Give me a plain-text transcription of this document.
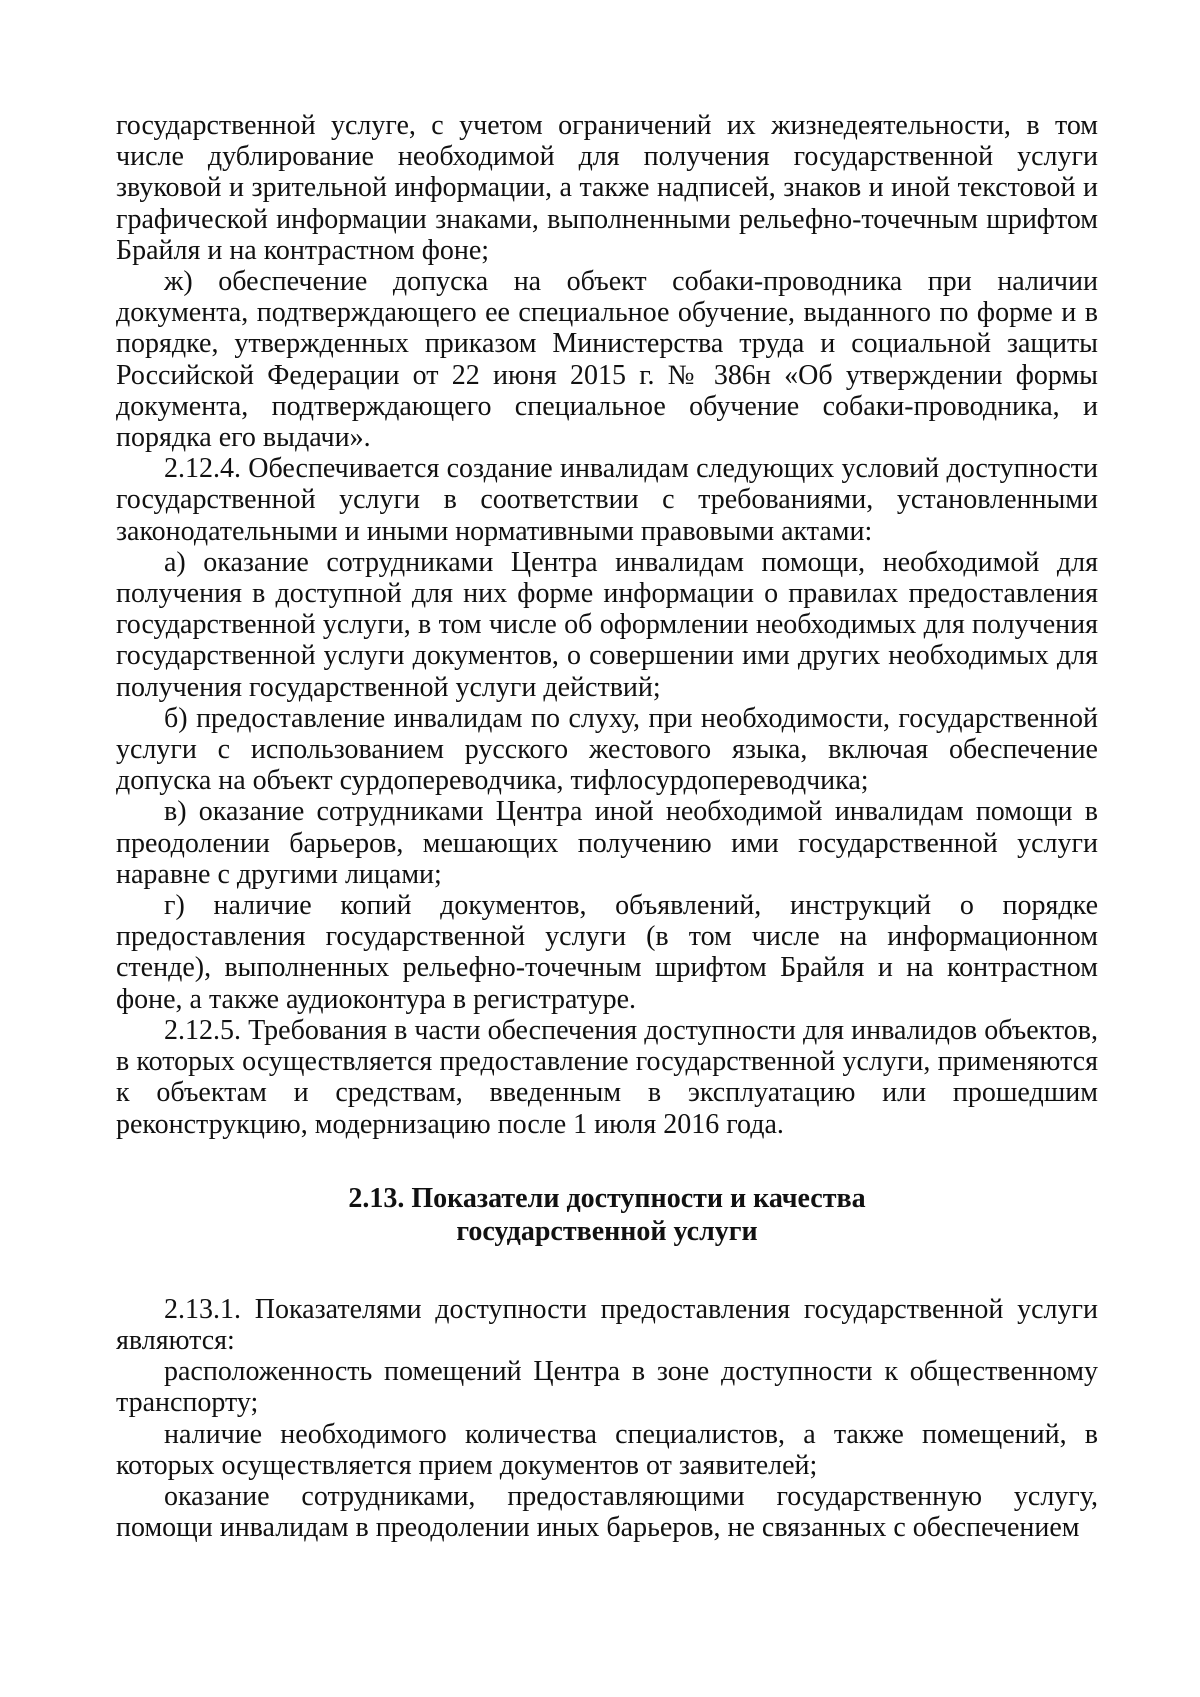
государственной услуге, с учетом ограничений их жизнедеятельности, в том числе дублирование необходимой для получения государственной услуги звуковой и зрительной информации, а также надписей, знаков и иной текстовой и графической информации знаками, выполненными рельефно-точечным шрифтом Брайля и на контрастном фоне;

ж) обеспечение допуска на объект собаки-проводника при наличии документа, подтверждающего ее специальное обучение, выданного по форме и в порядке, утвержденных приказом Министерства труда и социальной защиты Российской Федерации от 22 июня 2015 г. № 386н «Об утверждении формы документа, подтверждающего специальное обучение собаки-проводника, и порядка его выдачи».

2.12.4. Обеспечивается создание инвалидам следующих условий доступности государственной услуги в соответствии с требованиями, установленными законодательными и иными нормативными правовыми актами:

а) оказание сотрудниками Центра инвалидам помощи, необходимой для получения в доступной для них форме информации о правилах предоставления государственной услуги, в том числе об оформлении необходимых для получения государственной услуги документов, о совершении ими других необходимых для получения государственной услуги действий;

б) предоставление инвалидам по слуху, при необходимости, государственной услуги с использованием русского жестового языка, включая обеспечение допуска на объект сурдопереводчика, тифлосурдопереводчика;

в) оказание сотрудниками Центра иной необходимой инвалидам помощи в преодолении барьеров, мешающих получению ими государственной услуги наравне с другими лицами;

г) наличие копий документов, объявлений, инструкций о порядке предоставления государственной услуги (в том числе на информационном стенде), выполненных рельефно-точечным шрифтом Брайля и на контрастном фоне, а также аудиоконтура в регистратуре.

2.12.5. Требования в части обеспечения доступности для инвалидов объектов, в которых осуществляется предоставление государственной услуги, применяются к объектам и средствам, введенным в эксплуатацию или прошедшим реконструкцию, модернизацию после 1 июля 2016 года.

2.13. Показатели доступности и качества
государственной услуги

2.13.1. Показателями доступности предоставления государственной услуги являются:

расположенность помещений Центра в зоне доступности к общественному транспорту;

наличие необходимого количества специалистов, а также помещений, в которых осуществляется прием документов от заявителей;

оказание сотрудниками, предоставляющими государственную услугу, помощи инвалидам в преодолении иных барьеров, не связанных с обеспечением
